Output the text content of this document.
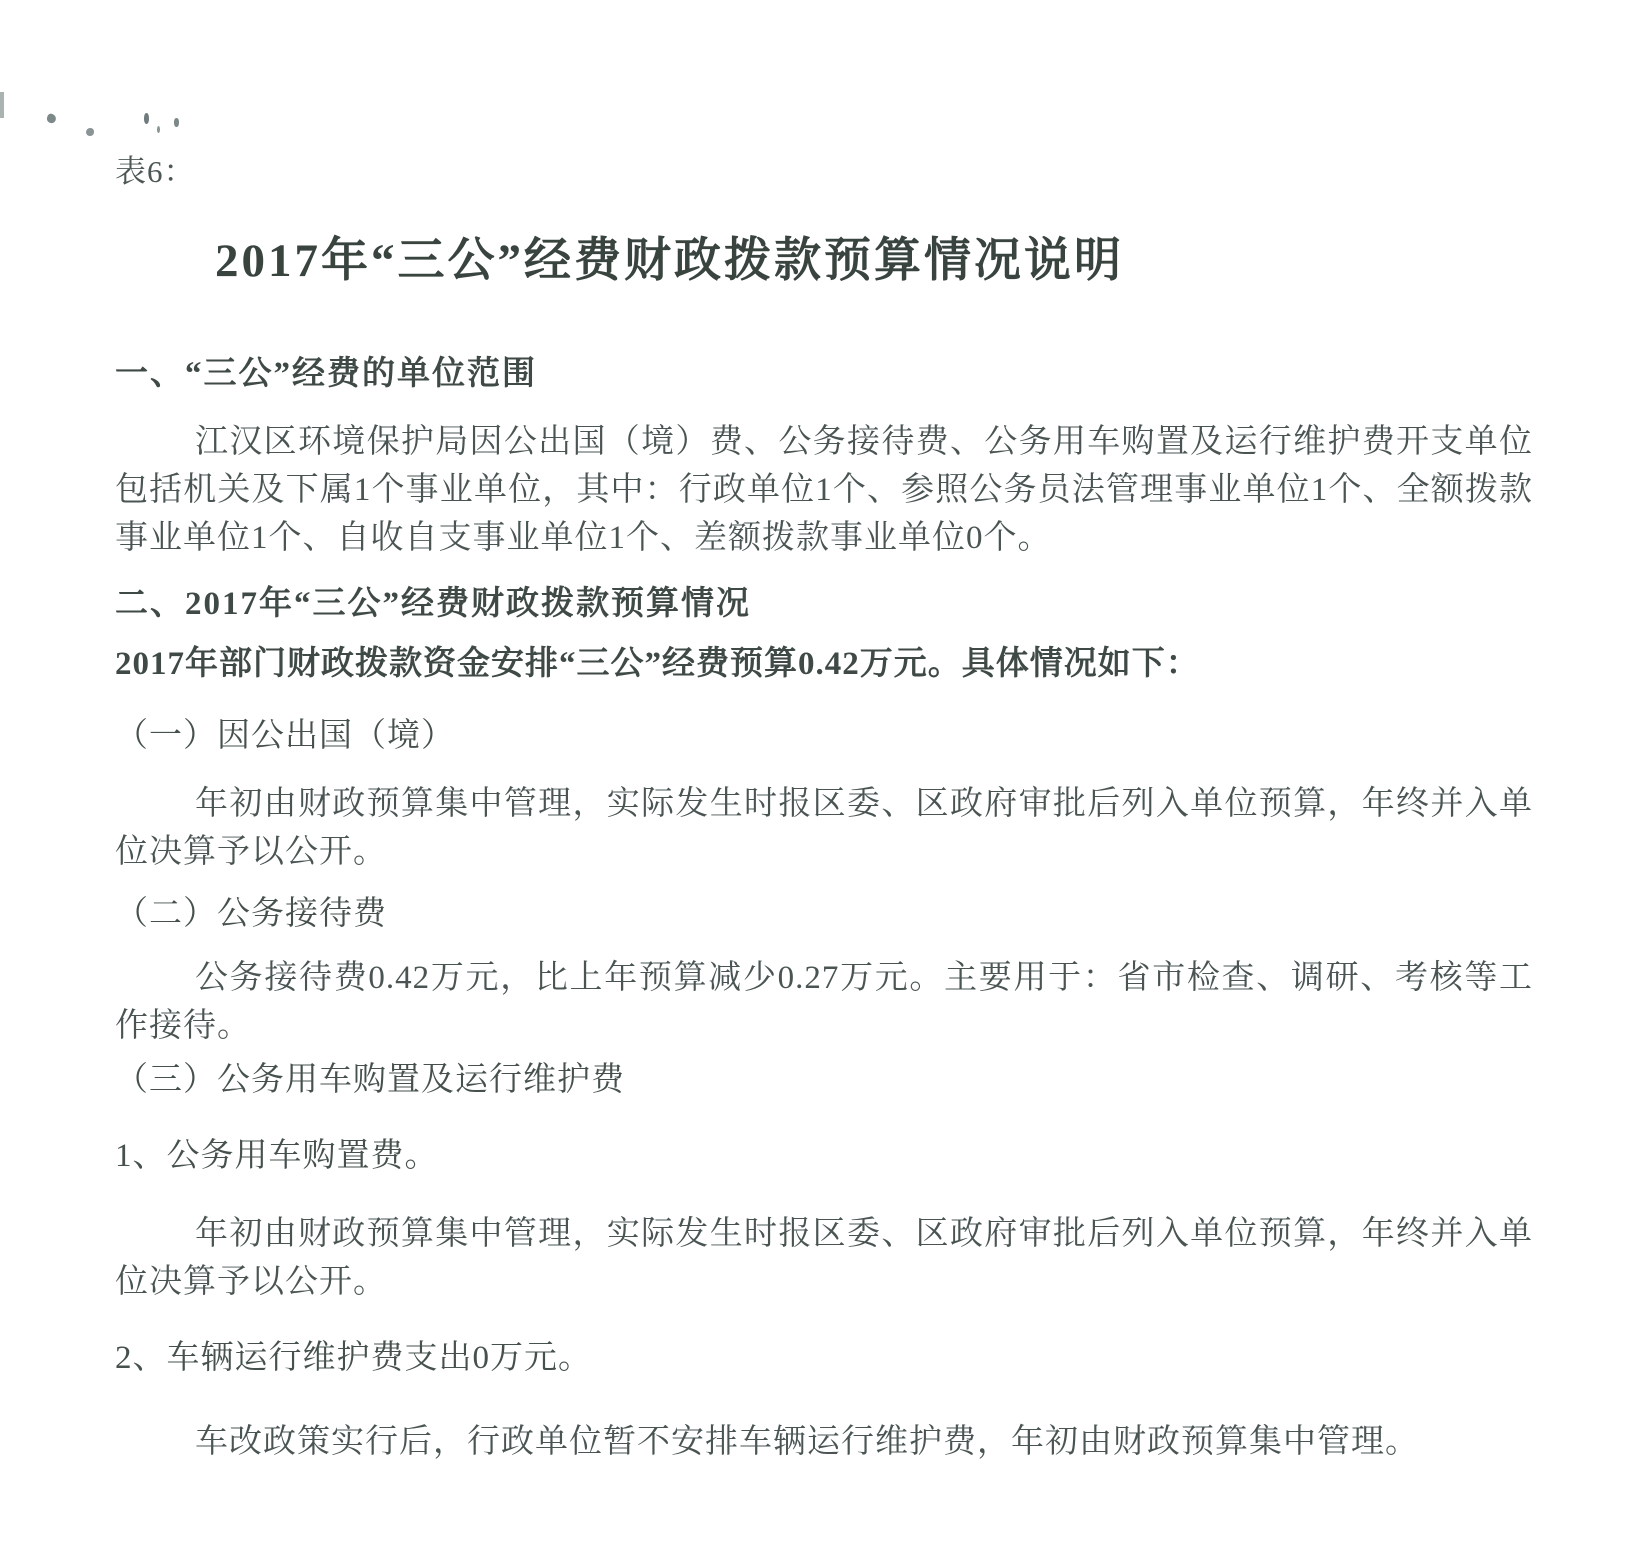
表6：
2017年“三公”经费财政拨款预算情况说明
一、“三公”经费的单位范围

江汉区环境保护局因公出国（境）费、公务接待费、公务用车购置及运行维护费开支单位包括机关及下属1个事业单位，其中：行政单位1个、参照公务员法管理事业单位1个、全额拨款事业单位1个、自收自支事业单位1个、差额拨款事业单位0个。

二、2017年“三公”经费财政拨款预算情况
2017年部门财政拨款资金安排“三公”经费预算0.42万元。具体情况如下：
（一）因公出国（境）

年初由财政预算集中管理，实际发生时报区委、区政府审批后列入单位预算，年终并入单位决算予以公开。

（二）公务接待费

公务接待费0.42万元，比上年预算减少0.27万元。主要用于：省市检查、调研、考核等工作接待。

（三）公务用车购置及运行维护费
1、公务用车购置费。

年初由财政预算集中管理，实际发生时报区委、区政府审批后列入单位预算，年终并入单位决算予以公开。

2、车辆运行维护费支出0万元。

车改政策实行后，行政单位暂不安排车辆运行维护费，年初由财政预算集中管理。
